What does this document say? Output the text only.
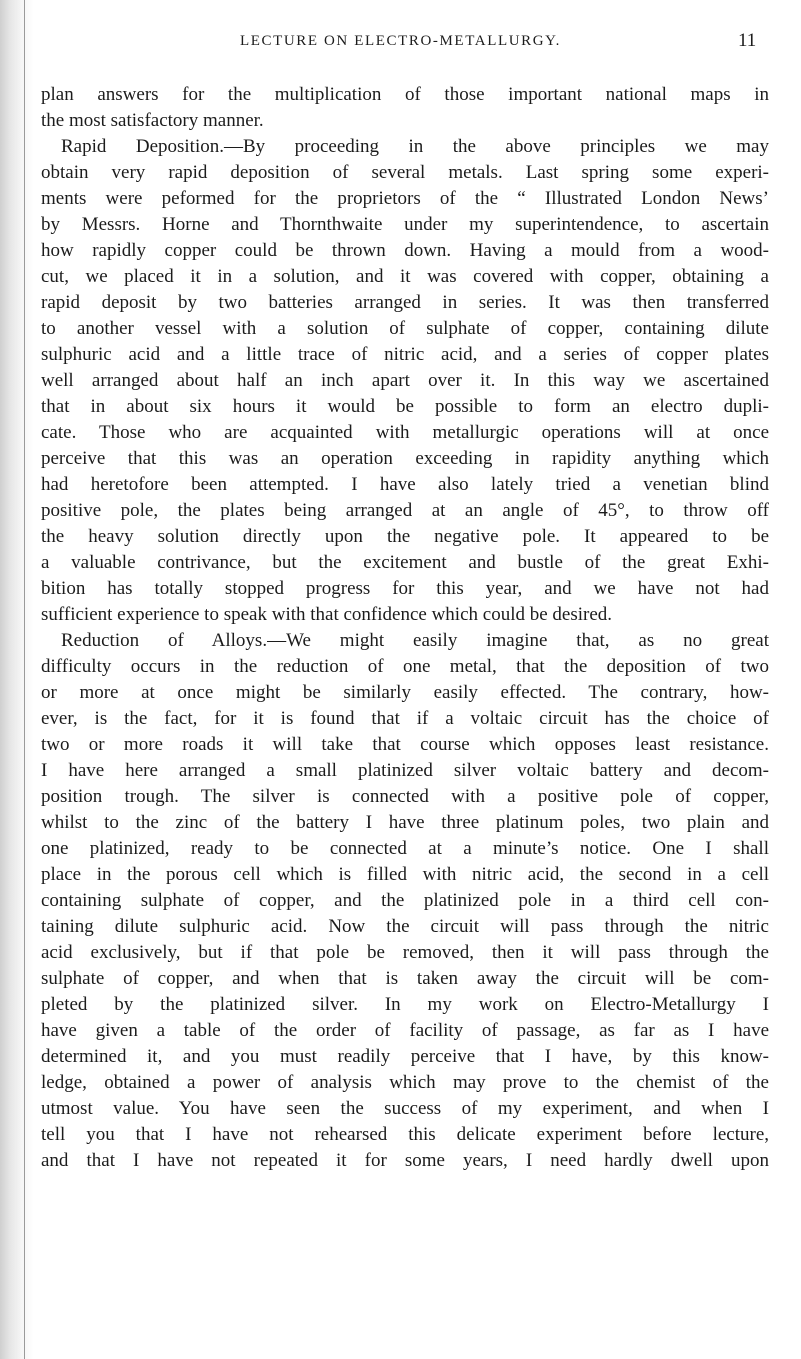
LECTURE ON ELECTRO-METALLURGY.	11
plan answers for the multiplication of those important national maps in
the most satisfactory manner.
Rapid Deposition.—By proceeding in the above principles we may
obtain very rapid deposition of several metals. Last spring some experi-
ments were peformed for the proprietors of the “ Illustrated London News’
by Messrs. Horne and Thornthwaite under my superintendence, to ascertain
how rapidly copper could be thrown down. Having a mould from a wood-
cut, we placed it in a solution, and it was covered with copper, obtaining a
rapid deposit by two batteries arranged in series. It was then transferred
to another vessel with a solution of sulphate of copper, containing dilute
sulphuric acid and a little trace of nitric acid, and a series of copper plates
well arranged about half an inch apart over it. In this way we ascertained
that in about six hours it would be possible to form an electro dupli-
cate. Those who are acquainted with metallurgic operations will at once
perceive that this was an operation exceeding in rapidity anything which
had heretofore been attempted. I have also lately tried a venetian blind
positive pole, the plates being arranged at an angle of 45°, to throw off
the heavy solution directly upon the negative pole. It appeared to be
a valuable contrivance, but the excitement and bustle of the great Exhi-
bition has totally stopped progress for this year, and we have not had
sufficient experience to speak with that confidence which could be desired.
Reduction of Alloys.—We might easily imagine that, as no great
difficulty occurs in the reduction of one metal, that the deposition of two
or more at once might be similarly easily effected. The contrary, how-
ever, is the fact, for it is found that if a voltaic circuit has the choice of
two or more roads it will take that course which opposes least resistance.
I have here arranged a small platinized silver voltaic battery and decom-
position trough. The silver is connected with a positive pole of copper,
whilst to the zinc of the battery I have three platinum poles, two plain and
one platinized, ready to be connected at a minute’s notice. One I shall
place in the porous cell which is filled with nitric acid, the second in a cell
containing sulphate of copper, and the platinized pole in a third cell con-
taining dilute sulphuric acid. Now the circuit will pass through the nitric
acid exclusively, but if that pole be removed, then it will pass through the
sulphate of copper, and when that is taken away the circuit will be com-
pleted by the platinized silver. In my work on Electro-Metallurgy I
have given a table of the order of facility of passage, as far as I have
determined it, and you must readily perceive that I have, by this know-
ledge, obtained a power of analysis which may prove to the chemist of the
utmost value. You have seen the success of my experiment, and when I
tell you that I have not rehearsed this delicate experiment before lecture,
and that I have not repeated it for some years, I need hardly dwell upon
